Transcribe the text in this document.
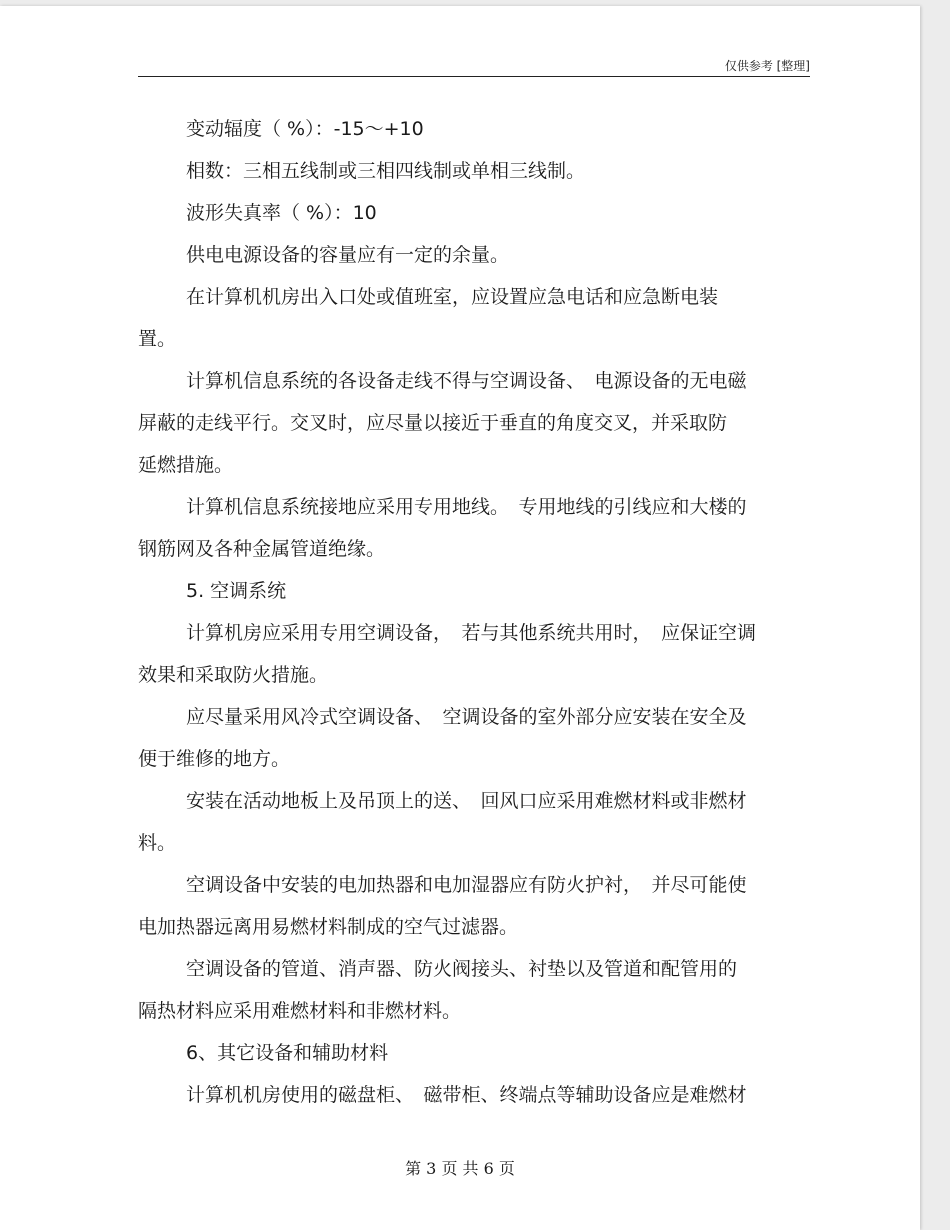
仅供参考 [整理]
变动辐度（ %）：-15～+10
相数：三相五线制或三相四线制或单相三线制。
波形失真率（ %）：10
供电电源设备的容量应有一定的余量。
在计算机机房出入口处或值班室，应设置应急电话和应急断电装
置。
计算机信息系统的各设备走线不得与空调设备、　电源设备的无电磁
屏蔽的走线平行。交叉时，应尽量以接近于垂直的角度交叉，并采取防
延燃措施。
计算机信息系统接地应采用专用地线。　专用地线的引线应和大楼的
钢筋网及各种金属管道绝缘。
5. 空调系统
计算机房应采用专用空调设备，　若与其他系统共用时，　应保证空调
效果和采取防火措施。
应尽量采用风冷式空调设备、　空调设备的室外部分应安装在安全及
便于维修的地方。
安装在活动地板上及吊顶上的送、　回风口应采用难燃材料或非燃材
料。
空调设备中安装的电加热器和电加湿器应有防火护衬，　并尽可能使
电加热器远离用易燃材料制成的空气过滤器。
空调设备的管道、消声器、防火阀接头、衬垫以及管道和配管用的
隔热材料应采用难燃材料和非燃材料。
6、其它设备和辅助材料
计算机机房使用的磁盘柜、　磁带柜、终端点等辅助设备应是难燃材
第 3 页 共 6 页
